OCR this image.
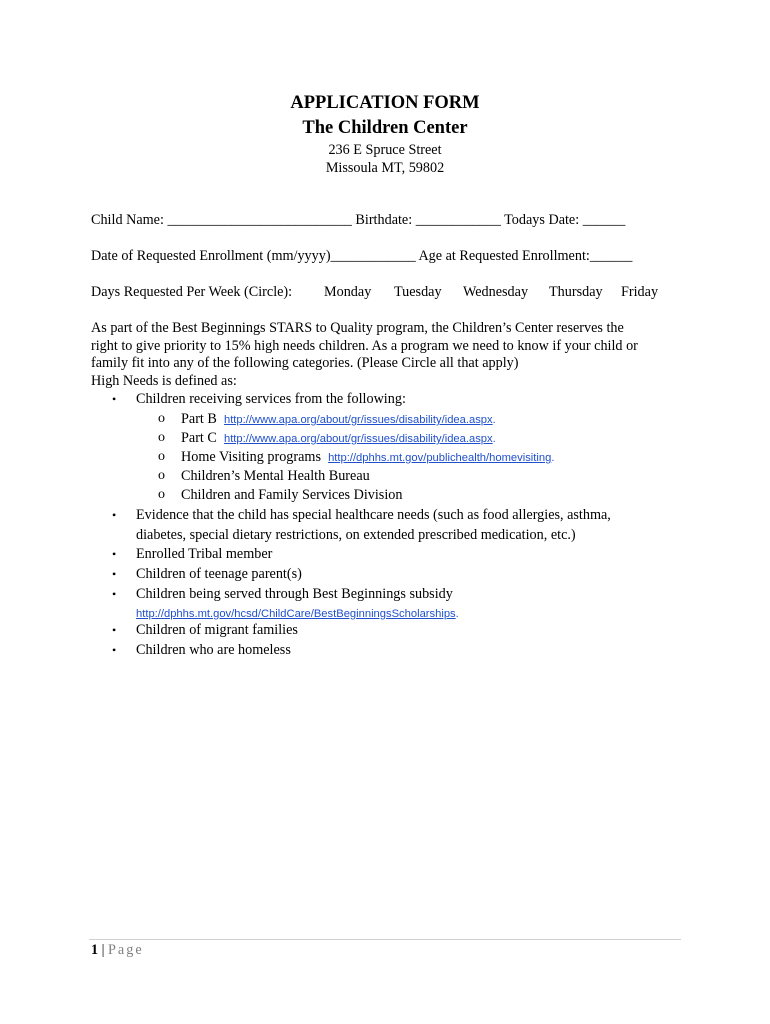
APPLICATION FORM
The Children Center
236 E Spruce Street
Missoula MT, 59802
Child Name: __________________________ Birthdate: ____________ Todays Date: ______
Date of Requested Enrollment (mm/yyyy)____________ Age at Requested Enrollment:______
Days Requested Per Week (Circle): Monday Tuesday Wednesday Thursday Friday
As part of the Best Beginnings STARS to Quality program, the Children’s Center reserves the
right to give priority to 15% high needs children. As a program we need to know if your child or
family fit into any of the following categories. (Please Circle all that apply)
High Needs is defined as:
• Children receiving services from the following:
o Part B http://www.apa.org/about/gr/issues/disability/idea.aspx.
o Part C http://www.apa.org/about/gr/issues/disability/idea.aspx.
o Home Visiting programs http://dphhs.mt.gov/publichealth/homevisiting.
o Children’s Mental Health Bureau
o Children and Family Services Division
• Evidence that the child has special healthcare needs (such as food allergies, asthma,
diabetes, special dietary restrictions, on extended prescribed medication, etc.)
• Enrolled Tribal member
• Children of teenage parent(s)
• Children being served through Best Beginnings subsidy
http://dphhs.mt.gov/hcsd/ChildCare/BestBeginningsScholarships.
• Children of migrant families
• Children who are homeless
1 | Page
